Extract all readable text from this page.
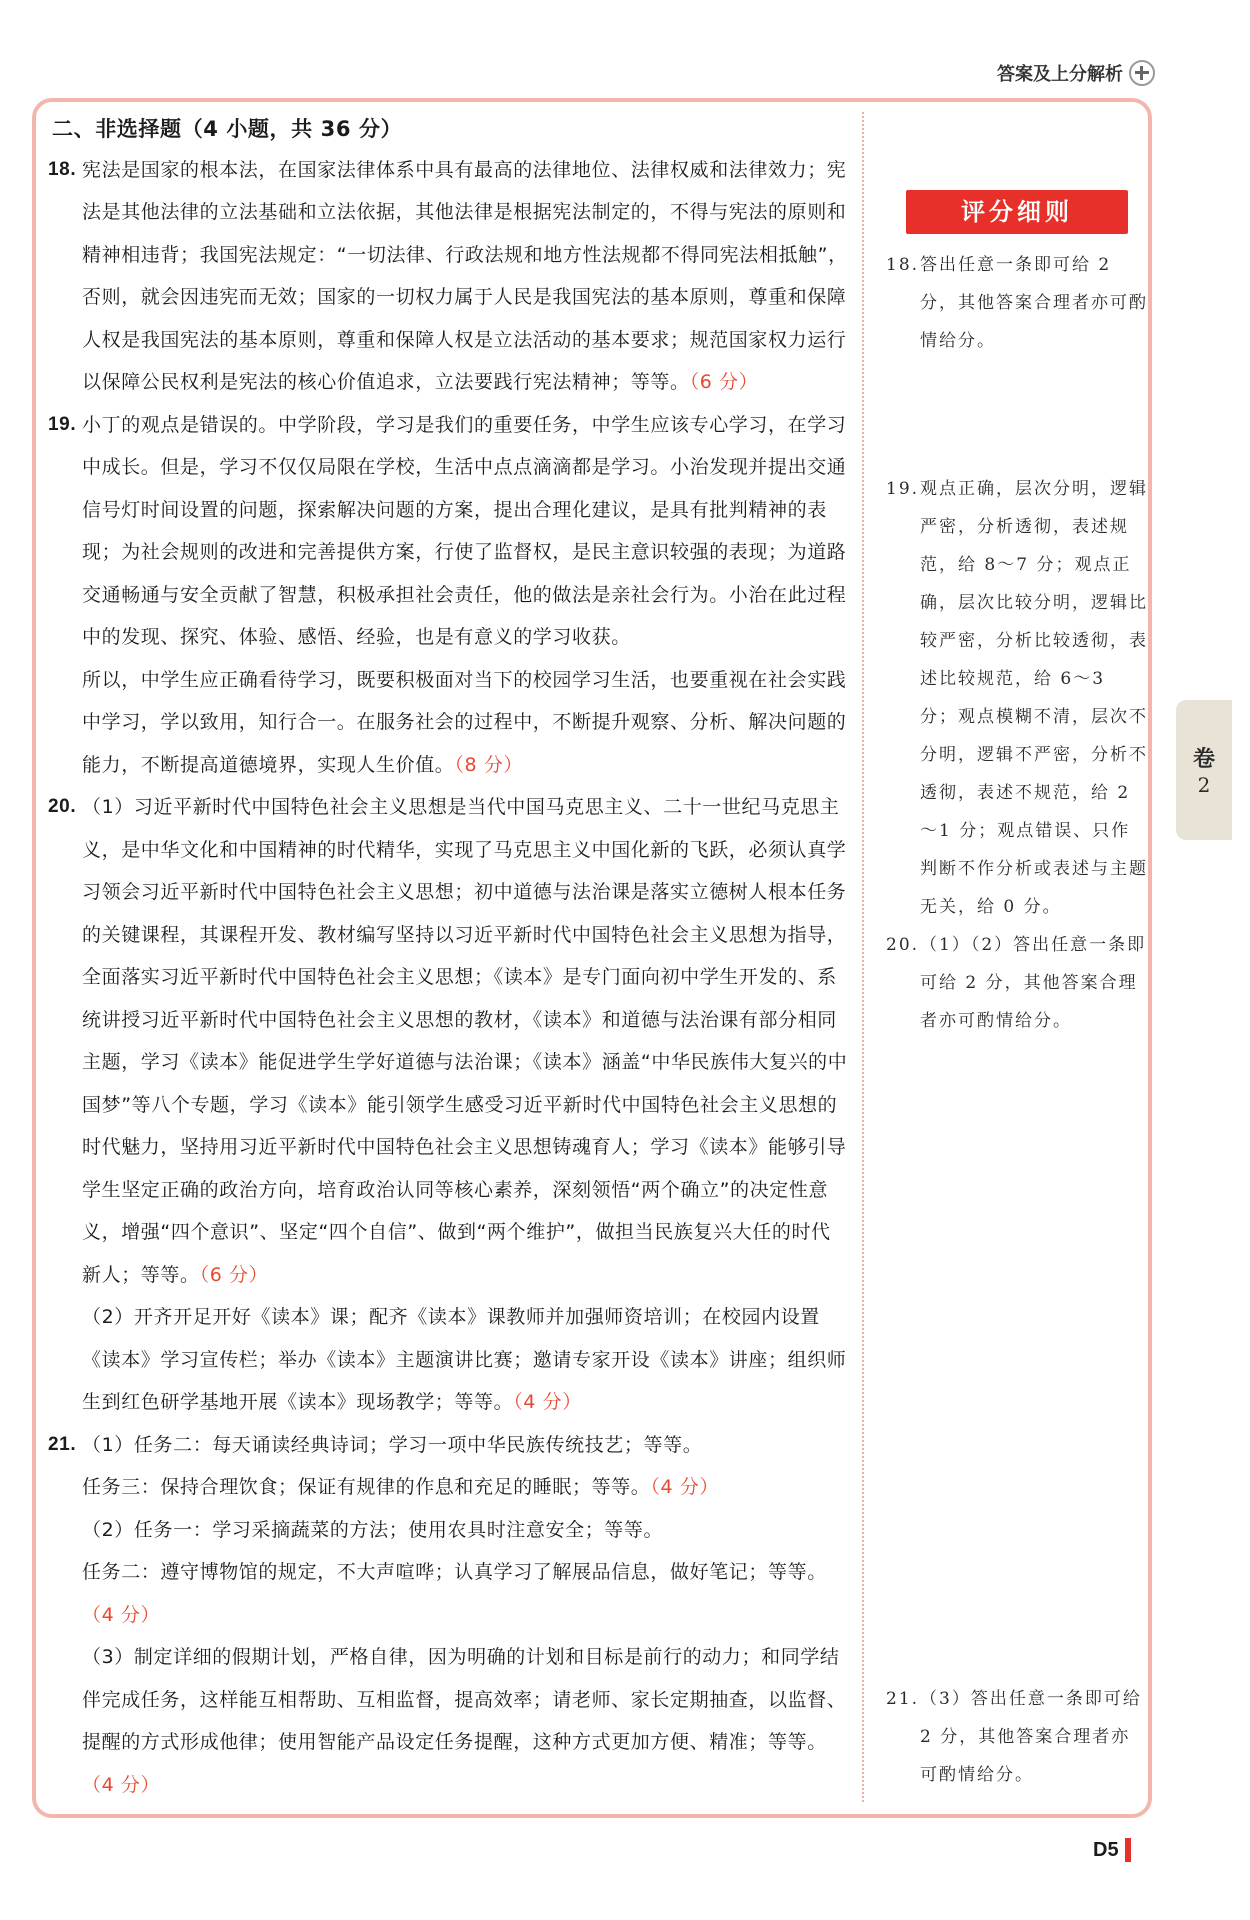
答案及上分解析
二、非选择题（4 小题，共 36 分）
18. 宪法是国家的根本法，在国家法律体系中具有最高的法律地位、法律权威和法律效力；宪法是其他法律的立法基础和立法依据，其他法律是根据宪法制定的，不得与宪法的原则和精神相违背；我国宪法规定：“一切法律、行政法规和地方性法规都不得同宪法相抵触”，否则，就会因违宪而无效；国家的一切权力属于人民是我国宪法的基本原则，尊重和保障人权是我国宪法的基本原则，尊重和保障人权是立法活动的基本要求；规范国家权力运行以保障公民权利是宪法的核心价值追求，立法要践行宪法精神；等等。（6 分）
19. 小丁的观点是错误的。中学阶段，学习是我们的重要任务，中学生应该专心学习，在学习中成长。但是，学习不仅仅局限在学校，生活中点点滴滴都是学习。小治发现并提出交通信号灯时间设置的问题，探索解决问题的方案，提出合理化建议，是具有批判精神的表现；为社会规则的改进和完善提供方案，行使了监督权，是民主意识较强的表现；为道路交通畅通与安全贡献了智慧，积极承担社会责任，他的做法是亲社会行为。小治在此过程中的发现、探究、体验、感悟、经验，也是有意义的学习收获。
所以，中学生应正确看待学习，既要积极面对当下的校园学习生活，也要重视在社会实践中学习，学以致用，知行合一。在服务社会的过程中，不断提升观察、分析、解决问题的能力，不断提高道德境界，实现人生价值。（8 分）
20. （1）习近平新时代中国特色社会主义思想是当代中国马克思主义、二十一世纪马克思主义，是中华文化和中国精神的时代精华，实现了马克思主义中国化新的飞跃，必须认真学习领会习近平新时代中国特色社会主义思想；初中道德与法治课是落实立德树人根本任务的关键课程，其课程开发、教材编写坚持以习近平新时代中国特色社会主义思想为指导，全面落实习近平新时代中国特色社会主义思想；《读本》是专门面向初中学生开发的、系统讲授习近平新时代中国特色社会主义思想的教材，《读本》和道德与法治课有部分相同主题，学习《读本》能促进学生学好道德与法治课；《读本》涵盖“中华民族伟大复兴的中国梦”等八个专题，学习《读本》能引领学生感受习近平新时代中国特色社会主义思想的时代魅力，坚持用习近平新时代中国特色社会主义思想铸魂育人；学习《读本》能够引导学生坚定正确的政治方向，培育政治认同等核心素养，深刻领悟“两个确立”的决定性意义，增强“四个意识”、坚定“四个自信”、做到“两个维护”，做担当民族复兴大任的时代新人；等等。（6 分）
（2）开齐开足开好《读本》课；配齐《读本》课教师并加强师资培训；在校园内设置《读本》学习宣传栏；举办《读本》主题演讲比赛；邀请专家开设《读本》讲座；组织师生到红色研学基地开展《读本》现场教学；等等。（4 分）
21. （1）任务二：每天诵读经典诗词；学习一项中华民族传统技艺；等等。
任务三：保持合理饮食；保证有规律的作息和充足的睡眠；等等。（4 分）
（2）任务一：学习采摘蔬菜的方法；使用农具时注意安全；等等。
任务二：遵守博物馆的规定，不大声喧哗；认真学习了解展品信息，做好笔记；等等。（4 分）
（3）制定详细的假期计划，严格自律，因为明确的计划和目标是前行的动力；和同学结伴完成任务，这样能互相帮助、互相监督，提高效率；请老师、家长定期抽查，以监督、提醒的方式形成他律；使用智能产品设定任务提醒，这种方式更加方便、精准；等等。（4 分）
评分细则
18. 答出任意一条即可给 2 分，其他答案合理者亦可酌情给分。
19. 观点正确，层次分明，逻辑严密，分析透彻，表述规范，给 8～7 分；观点正确，层次比较分明，逻辑比较严密，分析比较透彻，表述比较规范，给 6～3 分；观点模糊不清，层次不分明，逻辑不严密，分析不透彻，表述不规范，给 2～1 分；观点错误、只作判断不作分析或表述与主题无关，给 0 分。
20. （1）（2）答出任意一条即可给 2 分，其他答案合理者亦可酌情给分。
21. （3）答出任意一条即可给 2 分，其他答案合理者亦可酌情给分。
卷
2
D5
